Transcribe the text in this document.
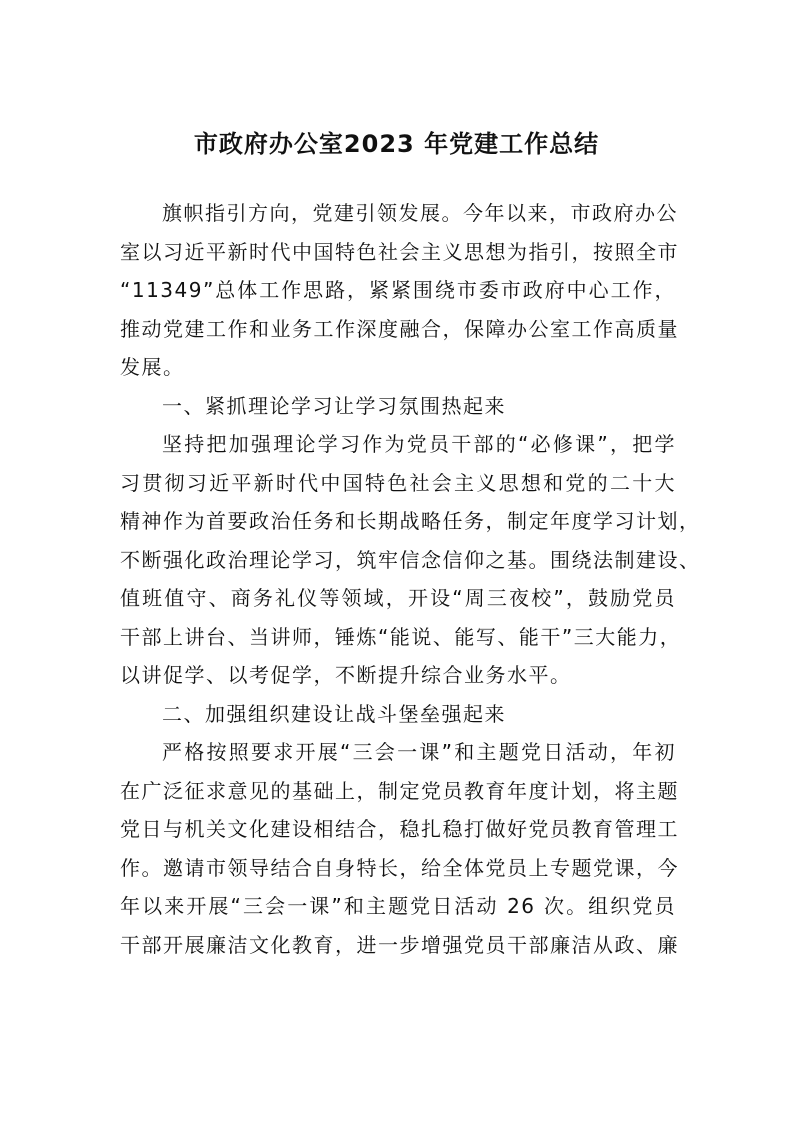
市政府办公室2023 年党建工作总结
旗帜指引方向，党建引领发展。今年以来，市政府办公
室以习近平新时代中国特色社会主义思想为指引，按照全市
“11349”总体工作思路，紧紧围绕市委市政府中心工作，
推动党建工作和业务工作深度融合，保障办公室工作高质量
发展。
一、紧抓理论学习让学习氛围热起来
坚持把加强理论学习作为党员干部的“必修课”，把学
习贯彻习近平新时代中国特色社会主义思想和党的二十大
精神作为首要政治任务和长期战略任务，制定年度学习计划，
不断强化政治理论学习，筑牢信念信仰之基。围绕法制建设、
值班值守、商务礼仪等领域，开设“周三夜校”，鼓励党员
干部上讲台、当讲师，锤炼“能说、能写、能干”三大能力，
以讲促学、以考促学，不断提升综合业务水平。
二、加强组织建设让战斗堡垒强起来
严格按照要求开展“三会一课”和主题党日活动，年初
在广泛征求意见的基础上，制定党员教育年度计划，将主题
党日与机关文化建设相结合，稳扎稳打做好党员教育管理工
作。邀请市领导结合自身特长，给全体党员上专题党课，今
年以来开展“三会一课”和主题党日活动 26 次。组织党员
干部开展廉洁文化教育，进一步增强党员干部廉洁从政、廉
